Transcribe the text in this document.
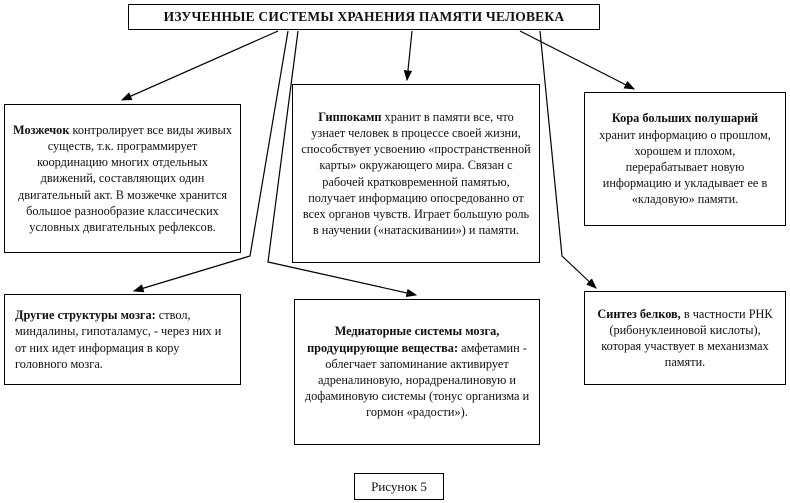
ИЗУЧЕННЫЕ СИСТЕМЫ ХРАНЕНИЯ ПАМЯТИ ЧЕЛОВЕКА

Мозжечок контролирует все виды живых существ, т.к. программирует координацию многих отдельных движений, составляющих один двигательный акт. В мозжечке хранится большое разнообразие классических условных двигательных рефлексов.

Гиппокамп хранит в памяти все, что узнает человек в процессе своей жизни, способствует усвоению «пространственной карты» окружающего мира. Связан с рабочей кратковременной памятью, получает информацию опосредованно от всех органов чувств. Играет большую роль в научении («натаскивании») и памяти.

Кора больших полушарий хранит информацию о прошлом, хорошем и плохом, перерабатывает новую информацию и укладывает ее в «кладовую» памяти.

Другие структуры мозга: ствол, миндалины, гипоталамус, - через них и от них идет информация в кору головного мозга.

Медиаторные системы мозга, продуцирующие вещества: амфетамин - облегчает запоминание активирует адреналиновую, норадреналиновую и дофаминовую системы (тонус организма и гормон «радости»).

Синтез белков, в частности РНК (рибонуклеиновой кислоты), которая участвует в механизмах памяти.

Рисунок 5
